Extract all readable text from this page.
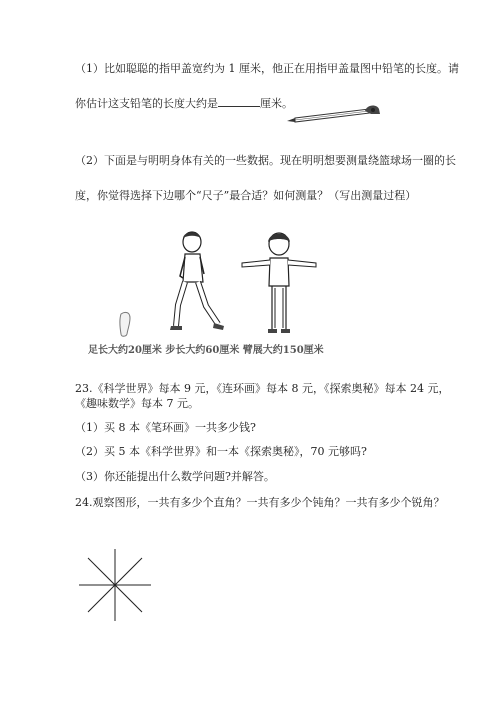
（1）比如聪聪的指甲盖宽约为 1 厘米，他正在用指甲盖量图中铅笔的长度。请
你估计这支铅笔的长度大约是	厘米。
（2）下面是与明明身体有关的一些数据。现在明明想要测量绕篮球场一圈的长
度，你觉得选择下边哪个“尺子”最合适？如何测量？（写出测量过程）
足长大约20厘米 步长大约60厘米 臂展大约150厘米
23.《科学世界》每本 9 元，《连环画》每本 8 元，《探索奥秘》每本 24 元，
《趣味数学》每本 7 元。
（1）买 8 本《笔环画》一共多少钱?
（2）买 5 本《科学世界》和一本《探索奥秘》，70 元够吗?
（3）你还能提出什么数学问题?并解答。
24.观察图形，一共有多少个直角？一共有多少个钝角？一共有多少个锐角？
